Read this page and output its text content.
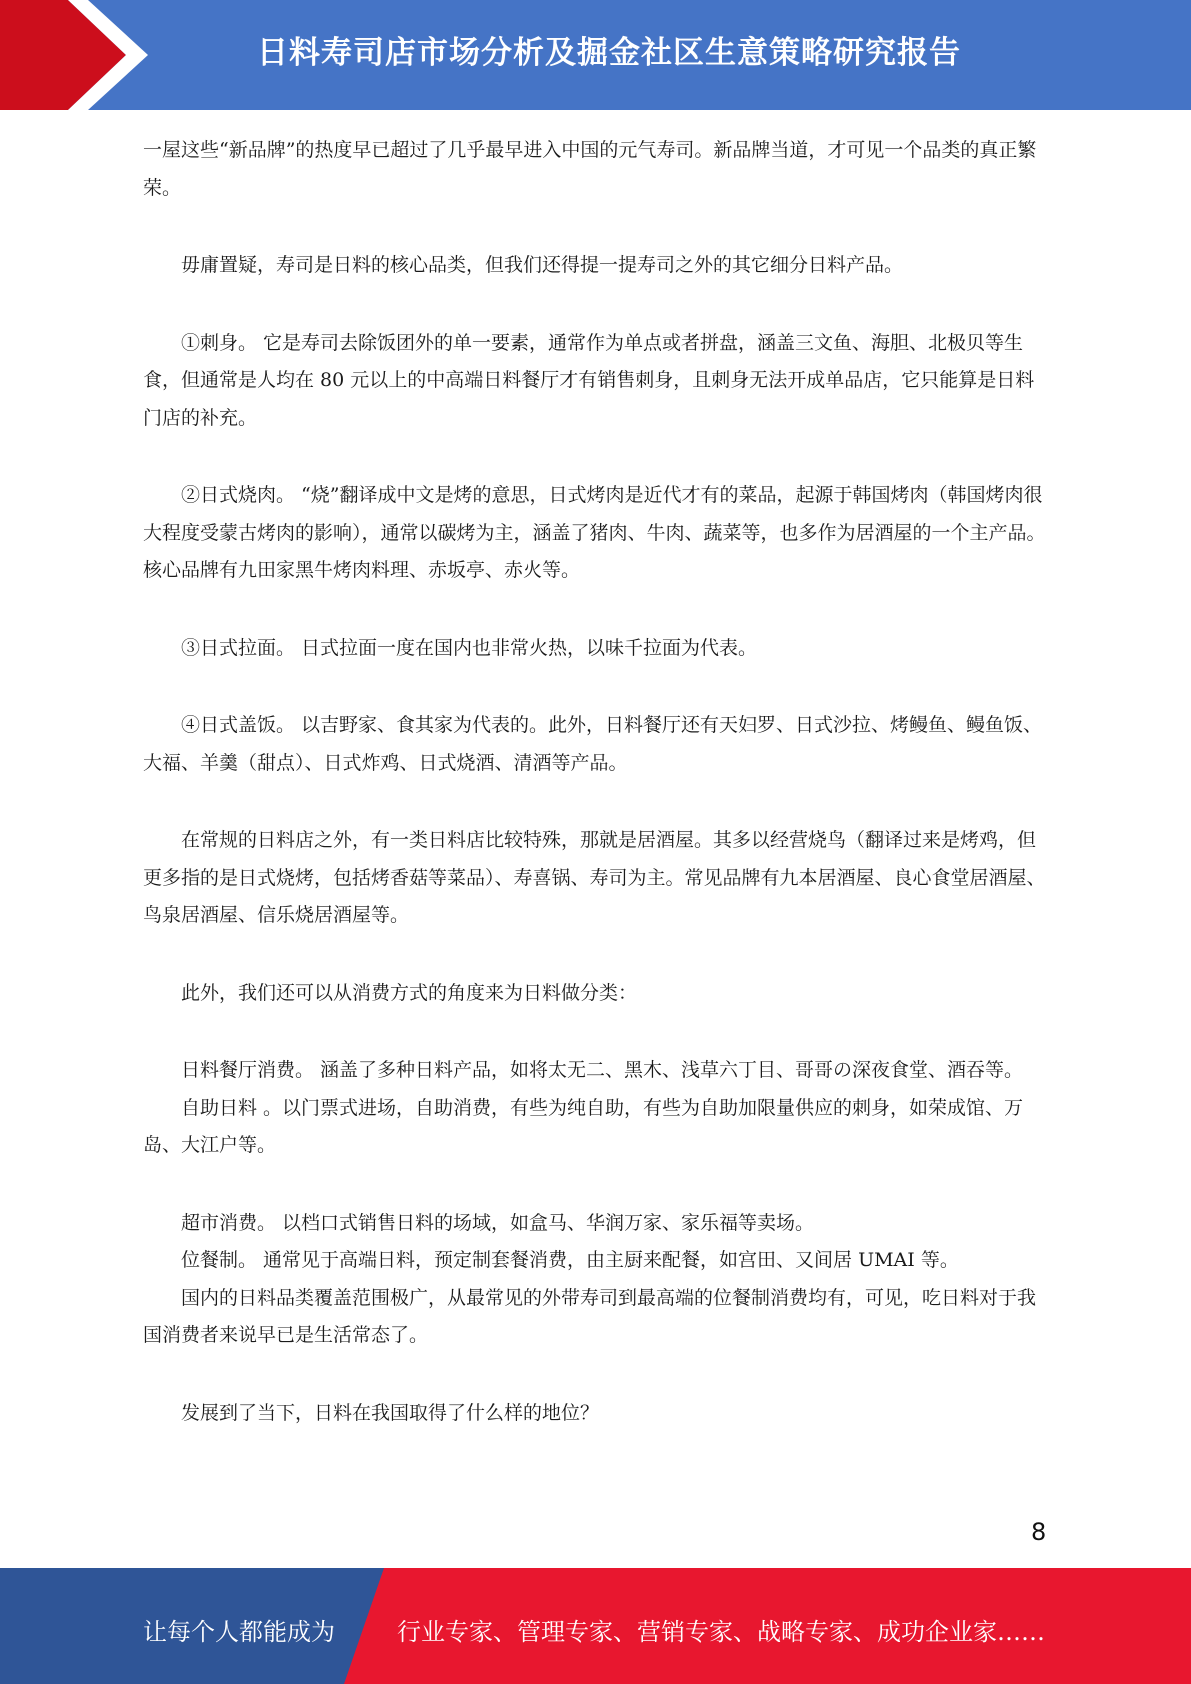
日料寿司店市场分析及掘金社区生意策略研究报告

一屋这些“新品牌”的热度早已超过了几乎最早进入中国的元气寿司。新品牌当道，才可见一个品类的真正繁荣。

毋庸置疑，寿司是日料的核心品类，但我们还得提一提寿司之外的其它细分日料产品。

①刺身。 它是寿司去除饭团外的单一要素，通常作为单点或者拼盘，涵盖三文鱼、海胆、北极贝等生食，但通常是人均在 80 元以上的中高端日料餐厅才有销售刺身，且刺身无法开成单品店，它只能算是日料门店的补充。

②日式烧肉。 “烧”翻译成中文是烤的意思，日式烤肉是近代才有的菜品，起源于韩国烤肉（韩国烤肉很大程度受蒙古烤肉的影响），通常以碳烤为主，涵盖了猪肉、牛肉、蔬菜等，也多作为居酒屋的一个主产品。核心品牌有九田家黑牛烤肉料理、赤坂亭、赤火等。

③日式拉面。 日式拉面一度在国内也非常火热，以味千拉面为代表。

④日式盖饭。 以吉野家、食其家为代表的。此外，日料餐厅还有天妇罗、日式沙拉、烤鳗鱼、鳗鱼饭、大福、羊羹（甜点）、日式炸鸡、日式烧酒、清酒等产品。

在常规的日料店之外，有一类日料店比较特殊，那就是居酒屋。其多以经营烧鸟（翻译过来是烤鸡，但更多指的是日式烧烤，包括烤香菇等菜品）、寿喜锅、寿司为主。常见品牌有九本居酒屋、良心食堂居酒屋、鸟泉居酒屋、信乐烧居酒屋等。

此外，我们还可以从消费方式的角度来为日料做分类：

日料餐厅消费。 涵盖了多种日料产品，如将太无二、黑木、浅草六丁目、哥哥の深夜食堂、酒吞等。

自助日料 。以门票式进场，自助消费，有些为纯自助，有些为自助加限量供应的刺身，如荣成馆、万岛、大江户等。

超市消费。 以档口式销售日料的场域，如盒马、华润万家、家乐福等卖场。

位餐制。 通常见于高端日料，预定制套餐消费，由主厨来配餐，如宫田、又间居 UMAI 等。

国内的日料品类覆盖范围极广，从最常见的外带寿司到最高端的位餐制消费均有，可见，吃日料对于我国消费者来说早已是生活常态了。

发展到了当下，日料在我国取得了什么样的地位？

8
让每个人都能成为	行业专家、管理专家、营销专家、战略专家、成功企业家……
